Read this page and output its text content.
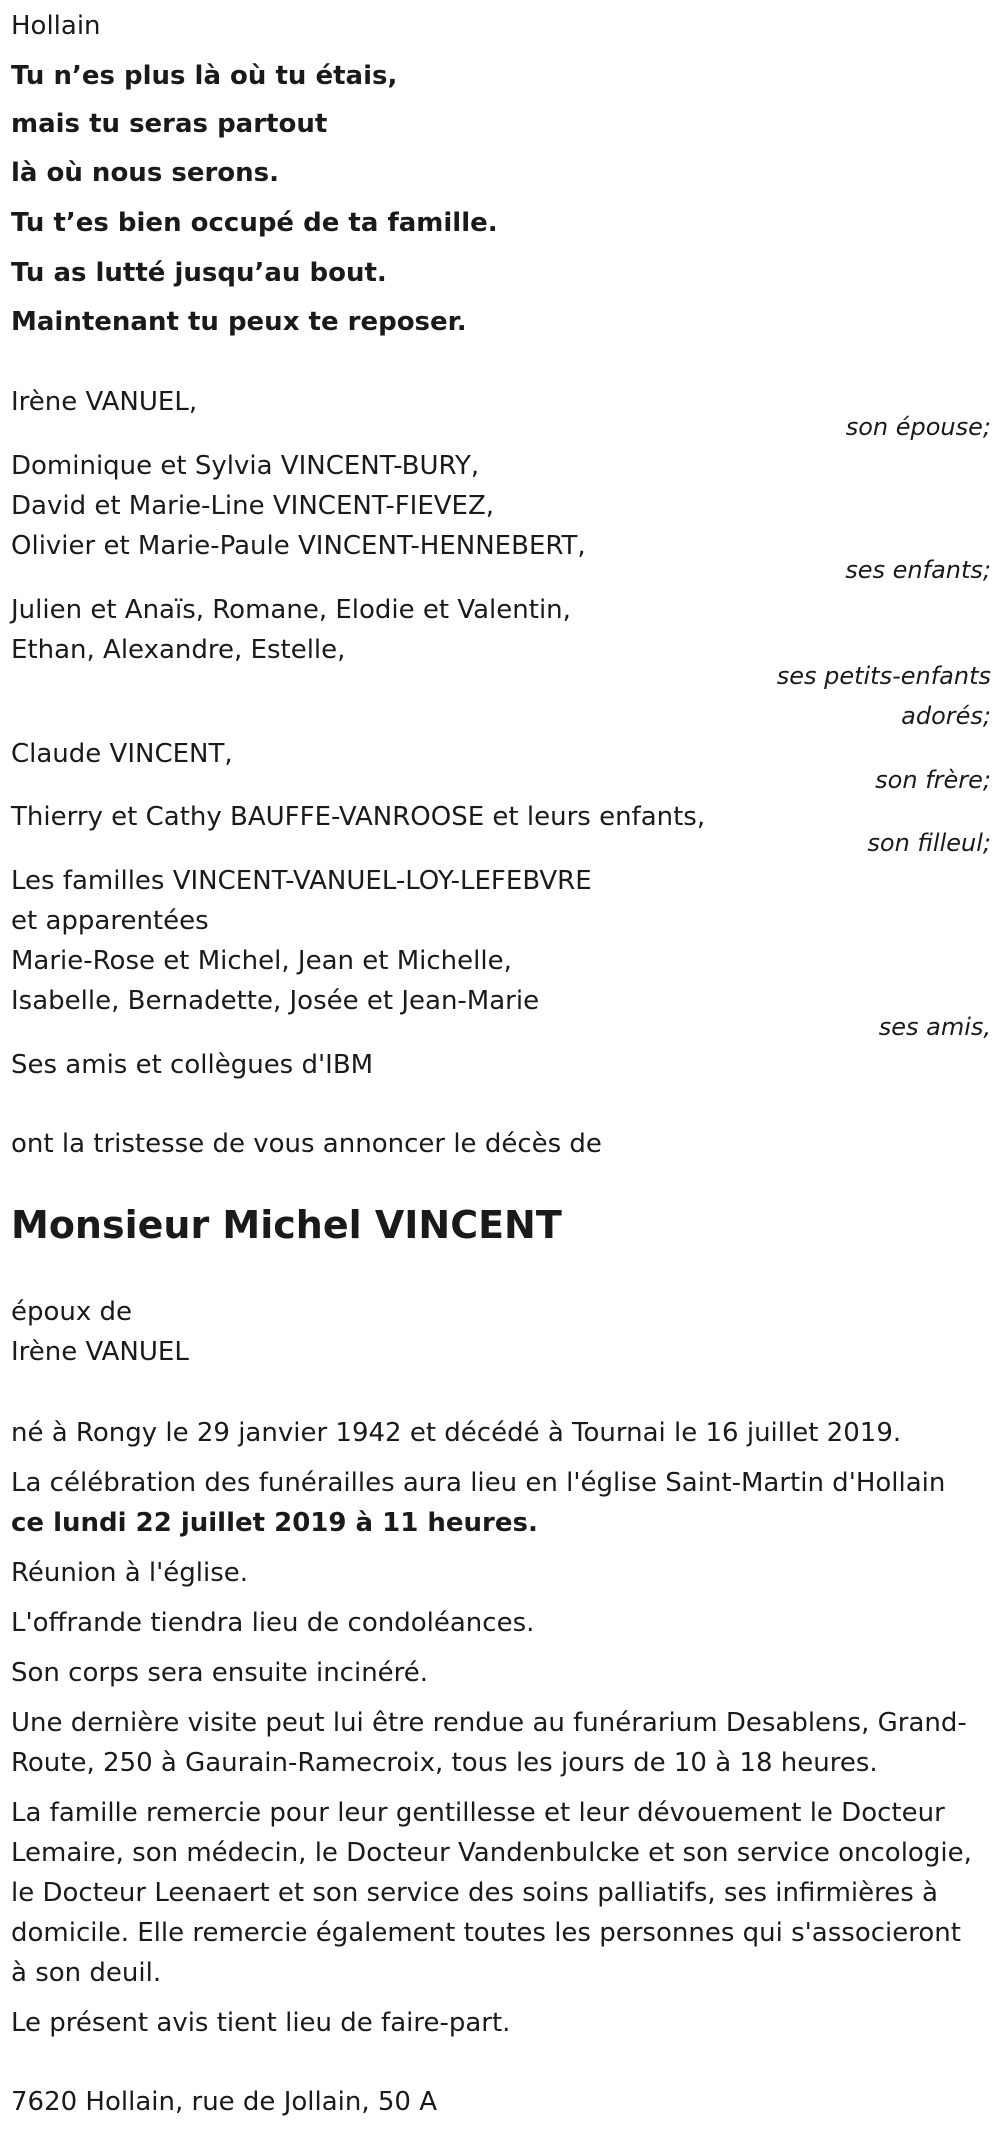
Hollain
Tu n’es plus là où tu étais,
mais tu seras partout
là où nous serons.
Tu t’es bien occupé de ta famille.
Tu as lutté jusqu’au bout.
Maintenant tu peux te reposer.
Irène VANUEL,
son épouse;
Dominique et Sylvia VINCENT-BURY,
David et Marie-Line VINCENT-FIEVEZ,
Olivier et Marie-Paule VINCENT-HENNEBERT,
ses enfants;
Julien et Anaïs, Romane, Elodie et Valentin,
Ethan, Alexandre, Estelle,
ses petits-enfants
adorés;
Claude VINCENT,
son frère;
Thierry et Cathy BAUFFE-VANROOSE et leurs enfants,
son filleul;
Les familles VINCENT-VANUEL-LOY-LEFEBVRE
et apparentées
Marie-Rose et Michel, Jean et Michelle,
Isabelle, Bernadette, Josée et Jean-Marie
ses amis,
Ses amis et collègues d'IBM
ont la tristesse de vous annoncer le décès de
Monsieur Michel VINCENT
époux de
Irène VANUEL
né à Rongy le 29 janvier 1942 et décédé à Tournai le 16 juillet 2019.
La célébration des funérailles aura lieu en l'église Saint-Martin d'Hollain
ce lundi 22 juillet 2019 à 11 heures.
Réunion à l'église.
L'offrande tiendra lieu de condoléances.
Son corps sera ensuite incinéré.
Une dernière visite peut lui être rendue au funérarium Desablens, Grand-
Route, 250 à Gaurain-Ramecroix, tous les jours de 10 à 18 heures.
La famille remercie pour leur gentillesse et leur dévouement le Docteur
Lemaire, son médecin, le Docteur Vandenbulcke et son service oncologie,
le Docteur Leenaert et son service des soins palliatifs, ses infirmières à
domicile. Elle remercie également toutes les personnes qui s'associeront
à son deuil.
Le présent avis tient lieu de faire-part.
7620 Hollain, rue de Jollain, 50 A
